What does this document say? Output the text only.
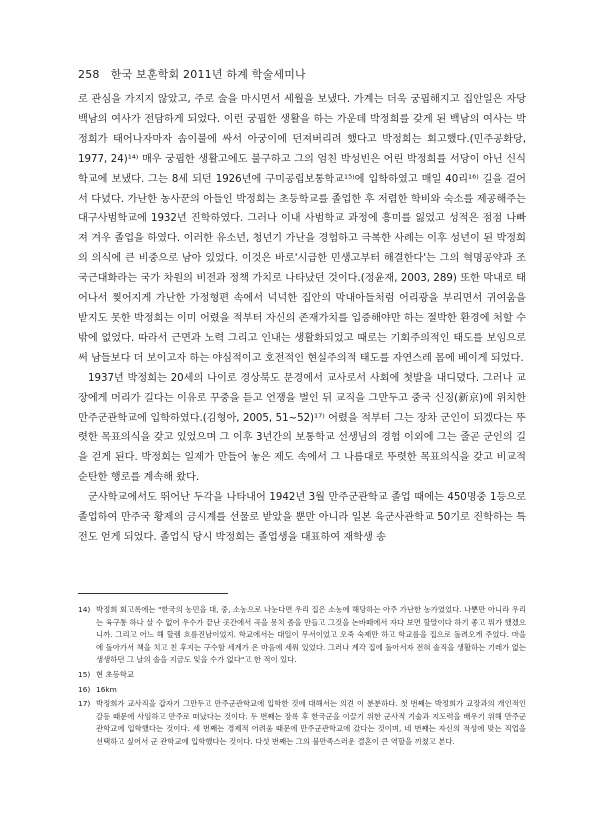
258 한국 보훈학회 2011년 하계 학술세미나

로 관심을 가지지 않았고, 주로 술을 마시면서 세월을 보냈다. 가계는 더욱 궁핍해지고 집안일은 자당 백남의 여사가 전담하게 되었다. 이런 궁핍한 생활을 하는 가운데 박정희를 갖게 된 백남의 여사는 박정희가 태어나자마자 솜이불에 싸서 아궁이에 던져버리려 했다고 박정희는 회고했다.(민주공화당, 1977, 24)¹⁴⁾ 매우 궁핍한 생활고에도 불구하고 그의 엄친 박성빈은 어린 박정희를 서당이 아닌 신식학교에 보냈다. 그는 8세 되던 1926년에 구미공립보통학교¹⁵⁾에 입학하였고 매일 40리¹⁶⁾ 길을 걸어서 다녔다. 가난한 농사꾼의 아들인 박정희는 초등학교를 졸업한 후 저렴한 학비와 숙소를 제공해주는 대구사범학교에 1932년 진학하였다. 그러나 이내 사범학교 과정에 흥미를 잃었고 성적은 점점 나빠져 겨우 졸업을 하였다. 이러한 유소년, 청년기 가난을 경험하고 극복한 사례는 이후 성년이 된 박정희의 의식에 큰 비중으로 남아 있었다. 이것은 바로'시급한 민생고부터 해결한다'는 그의 혁명공약과 조국근대화라는 국가 차원의 비전과 정책 가치로 나타났던 것이다.(정윤재, 2003, 289) 또한 막내로 태어나서 찢어지게 가난한 가정형편 속에서 넉넉한 집안의 막내아들처럼 어리광을 부리면서 귀여움을 받지도 못한 박정희는 이미 어렸을 적부터 자신의 존재가치를 입증해야만 하는 절박한 환경에 처할 수밖에 없었다. 따라서 근면과 노력 그리고 인내는 생활화되었고 때로는 기회주의적인 태도를 보임으로써 남들보다 더 보이고자 하는 야심적이고 호전적인 현실주의적 태도를 자연스레 몸에 베이게 되었다.

1937년 박정희는 20세의 나이로 경상북도 문경에서 교사로서 사회에 첫발을 내디뎠다. 그러나 교장에게 머리가 길다는 이유로 꾸중을 듣고 언쟁을 벌인 뒤 교직을 그만두고 중국 신징(新京)에 위치한 만주군관학교에 입학하였다.(김형아, 2005, 51~52)¹⁷⁾ 어렸을 적부터 그는 장차 군인이 되겠다는 뚜렷한 목표의식을 갖고 있었으며 그 이후 3년간의 보통학교 선생님의 경험 이외에 그는 줄곧 군인의 길을 걷게 된다. 박정희는 일제가 만들어 놓은 제도 속에서 그 나름대로 뚜렷한 목표의식을 갖고 비교적 순탄한 행로를 계속해 왔다.

군사학교에서도 뛰어난 두각을 나타내어 1942년 3월 만주군관학교 졸업 때에는 450명중 1등으로 졸업하여 만주국 황제의 금시계를 선물로 받았을 뿐만 아니라 일본 육군사관학교 50기로 진학하는 특전도 얻게 되었다. 졸업식 당시 박정희는 졸업생을 대표하여 재학생 송

14) 박정희 회고록에는 "한국의 농민을 대, 중, 소농으로 나눈다면 우리 집은 소농에 해당하는 아주 가난한 농가였었다. 나뿐만 아니라 우리는 육구통 하나 살 수 없어 우수가 끝난 곳간에서 곡을 몽치 좀을 만들고 그것을 논바떼에서 자다 보면 할말이다 하기 좋고 뭐가 했겠으니까. 그리고 어느 해 할렘 흐름진남이었지. 학교에서는 대일이 무서이었고 오죽 숙제만 하고 학교를을 집으로 돌려오게 주었다. 마을에 돌아가서 책을 치고 친 후지는 구수함 세계가 온 마음에 세워 있었다. 그러나 계각 집에 돌아서자 전혀 솔직을 생활하는 기레가 없는 생생하던 그 날의 솔을 지금도 잊을 수가 없다"고 한 적이 있다.
15) 현 초등학교
16) 16km
17) 박정희가 교사직을 갑자기 그만두고 만주군관학교에 입학한 것에 대해서는 의견 이 분분하다. 첫 번째는 박정희가 교장과의 개인적인 갈등 때문에 사임하고 만주로 떠났다는 것이다. 두 번째는 장록 후 한국군을 이끌기 위한 군사적 기술과 지도력을 배우기 위해 만주군관학교에 입학했다는 것이다. 세 번째는 경제적 어려움 때문에 만주군관학교에 갔다는 것이며, 네 번째는 자신의 적성에 맞는 직업을 선택하고 싶어서 군 관학교에 입학했다는 것이다. 다섯 번째는 그의 불만족스러운 결혼이 큰 역할을 끼쳤고 본다.
